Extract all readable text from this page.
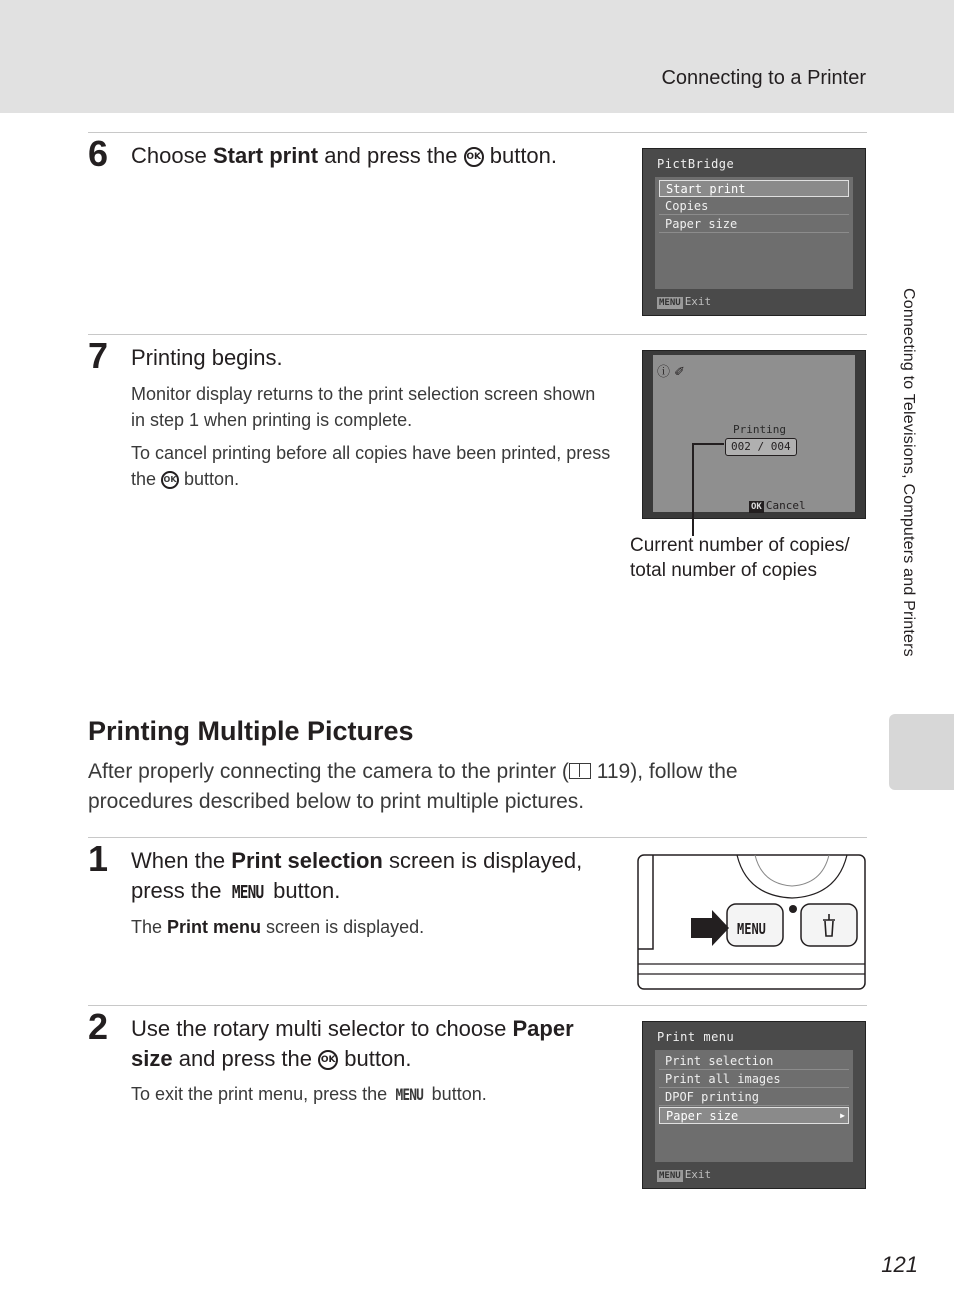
Connecting to a Printer
Connecting to Televisions, Computers and Printers
6 Choose Start print and press the OK button.	PictBridge
Start print
Copies
Paper size
MENU Exit
7 Printing begins.
Monitor display returns to the print selection screen shown in step 1 when printing is complete.
To cancel printing before all copies have been printed, press the OK button.
ⓘ ✐
Printing
002 / 004
OK Cancel
Current number of copies/
total number of copies
Printing Multiple Pictures
After properly connecting the camera to the printer ( 119), follow the procedures described below to print multiple pictures.
1 When the Print selection screen is displayed, press the MENU button.
The Print menu screen is displayed.	MENU
2 Use the rotary multi selector to choose Paper size and press the OK button.
To exit the print menu, press the MENU button.
Print menu
Print selection
Print all images
DPOF printing
Paper size	▶
MENU Exit
121
